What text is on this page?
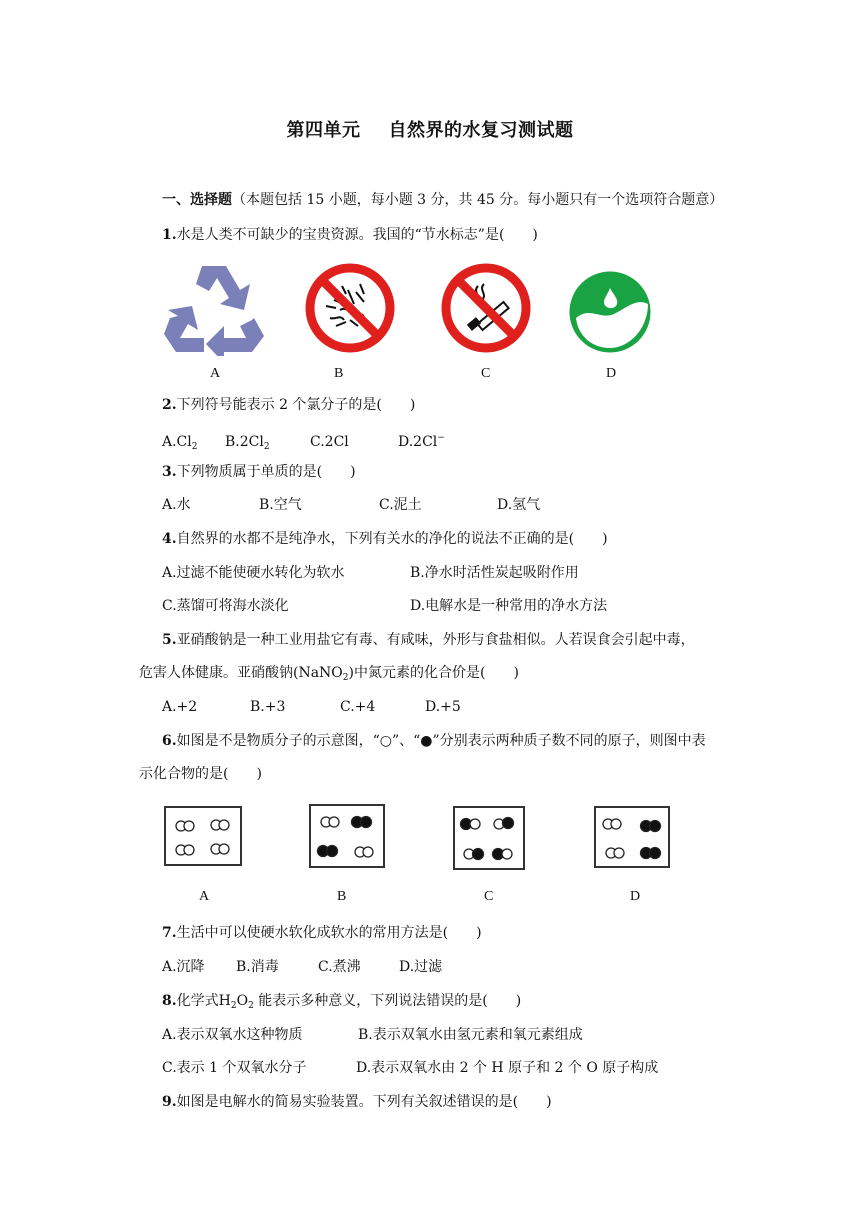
第四单元 自然界的水复习测试题
一、选择题（本题包括 15 小题，每小题 3 分，共 45 分。每小题只有一个选项符合题意）
1.水是人类不可缺少的宝贵资源。我国的“节水标志”是(　　)
A	B	C	D
2.下列符号能表示 2 个氯分子的是(　　)
$A.Cl_2$ $B.2Cl_2$	C.2Cl	D.2Cl−
3.下列物质属于单质的是(　　)
A.水	B.空气	C.泥土	D.氢气
4.自然界的水都不是纯净水，下列有关水的净化的说法不正确的是(　　)
A.过滤不能使硬水转化为软水	B.净水时活性炭起吸附作用
C.蒸馏可将海水淡化	D.电解水是一种常用的净水方法
5.亚硝酸钠是一种工业用盐它有毒、有咸味，外形与食盐相似。人若误食会引起中毒，
危害人体健康。亚硝酸钠(NaNO$_2$)中氮元素的化合价是(　　)
A.+2	B.+3	C.+4	D.+5
6.如图是不是物质分子的示意图，“○”、“●”分别表示两种质子数不同的原子，则图中表
示化合物的是(　　)
A	B	C	D
7.生活中可以使硬水软化成软水的常用方法是(　　)
A.沉降 B.消毒	C.煮沸	D.过滤
8.化学式$H_2O_2$ 能表示多种意义，下列说法错误的是(　　)
A.表示双氧水这种物质	B.表示双氧水由氢元素和氧元素组成
C.表示 1 个双氧水分子	D.表示双氧水由 2 个 H 原子和 2 个 O 原子构成
9.如图是电解水的简易实验装置。下列有关叙述错误的是(　　)
